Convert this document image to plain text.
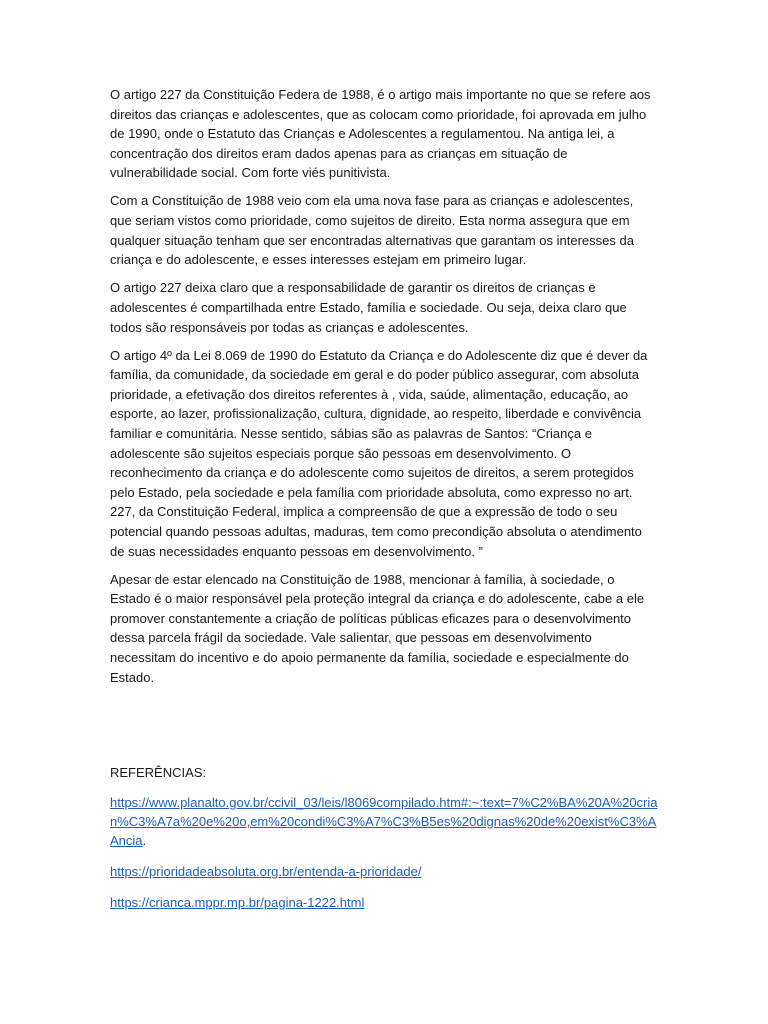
O artigo 227 da Constituição Federa de 1988, é o artigo mais importante no que se refere aos direitos das crianças e adolescentes, que as colocam como prioridade, foi aprovada em julho de 1990, onde o Estatuto das Crianças e Adolescentes a regulamentou. Na antiga lei, a concentração dos direitos eram dados apenas para as crianças em situação de vulnerabilidade social. Com forte viés punitivista.

Com a Constituição de 1988 veio com ela uma nova fase para as crianças e adolescentes, que seriam vistos como prioridade, como sujeitos de direito. Esta norma assegura que em qualquer situação tenham que ser encontradas alternativas que garantam os interesses da criança e do adolescente, e esses interesses estejam em primeiro lugar.

O artigo 227 deixa claro que a responsabilidade de garantir os direitos de crianças e adolescentes é compartilhada entre Estado, família e sociedade. Ou seja, deixa claro que todos são responsáveis por todas as crianças e adolescentes.

O artigo 4º da Lei 8.069 de 1990 do Estatuto da Criança e do Adolescente diz que é dever da família, da comunidade, da sociedade em geral e do poder público assegurar, com absoluta prioridade, a efetivação dos direitos referentes à , vida, saúde, alimentação, educação, ao esporte, ao lazer, profissionalização, cultura, dignidade, ao respeito, liberdade e convivência familiar e comunitária. Nesse sentido, sábias são as palavras de Santos: “Criança e adolescente são sujeitos especiais porque são pessoas em desenvolvimento. O reconhecimento da criança e do adolescente como sujeitos de direitos, a serem protegidos pelo Estado, pela sociedade e pela família com prioridade absoluta, como expresso no art. 227, da Constituição Federal, implica a compreensão de que a expressão de todo o seu potencial quando pessoas adultas, maduras, tem como precondição absoluta o atendimento de suas necessidades enquanto pessoas em desenvolvimento. ”

Apesar de estar elencado na Constituição de 1988, mencionar à família, à sociedade, o Estado é o maior responsável pela proteção integral da criança e do adolescente, cabe a ele promover constantemente a criação de políticas públicas eficazes para o desenvolvimento dessa parcela frágil da sociedade. Vale salientar, que pessoas em desenvolvimento necessitam do incentivo e do apoio permanente da família, sociedade e especialmente do Estado.

REFERÊNCIAS:
https://www.planalto.gov.br/ccivil_03/leis/l8069compilado.htm#:~:text=7%C2%BA%20A%20crian%C3%A7a%20e%20o,em%20condi%C3%A7%C3%B5es%20dignas%20de%20exist%C3%AAncia.
https://prioridadeabsoluta.org.br/entenda-a-prioridade/
https://crianca.mppr.mp.br/pagina-1222.html
